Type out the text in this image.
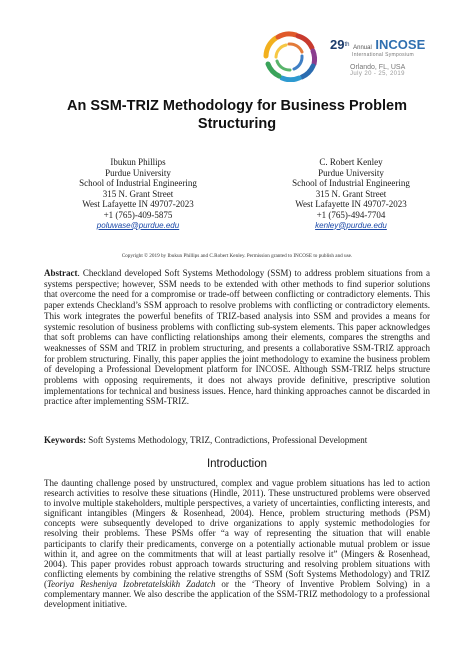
29th Annual INCOSE
International Symposium
Orlando, FL, USA
July 20 - 25, 2019
An SSM-TRIZ Methodology for Business Problem
Structuring
Ibukun Phillips
Purdue University
School of Industrial Engineering
315 N. Grant Street
West Lafayette IN 49707-2023
+1 (765)-409-5875
poluwase@purdue.edu
C. Robert Kenley
Purdue University
School of Industrial Engineering
315 N. Grant Street
West Lafayette IN 49707-2023
+1 (765)-494-7704
kenley@purdue.edu
Copyright © 2019 by Ibukun Phillips and C.Robert Kenley. Permission granted to INCOSE to publish and use.
Abstract. Checkland developed Soft Systems Methodology (SSM) to address problem situations from a systems perspective; however, SSM needs to be extended with other methods to find superior solutions that overcome the need for a compromise or trade-off between conflicting or contradictory elements. This paper extends Checkland’s SSM approach to resolve problems with conflicting or contradictory elements. This work integrates the powerful benefits of TRIZ-based analysis into SSM and provides a means for systemic resolution of business problems with conflicting sub-system elements. This paper acknowledges that soft problems can have conflicting relationships among their elements, compares the strengths and weaknesses of SSM and TRIZ in problem structuring, and presents a collaborative SSM-TRIZ approach for problem structuring. Finally, this paper applies the joint methodology to examine the business problem of developing a Professional Development platform for INCOSE. Although SSM-TRIZ helps structure problems with opposing requirements, it does not always provide definitive, prescriptive solution implementations for technical and business issues. Hence, hard thinking approaches cannot be discarded in practice after implementing SSM-TRIZ.
Keywords: Soft Systems Methodology, TRIZ, Contradictions, Professional Development
Introduction
The daunting challenge posed by unstructured, complex and vague problem situations has led to action research activities to resolve these situations (Hindle, 2011). These unstructured problems were observed to involve multiple stakeholders, multiple perspectives, a variety of uncertainties, conflicting interests, and significant intangibles (Mingers & Rosenhead, 2004). Hence, problem structuring methods (PSM) concepts were subsequently developed to drive organizations to apply systemic methodologies for resolving their problems. These PSMs offer “a way of representing the situation that will enable participants to clarify their predicaments, converge on a potentially actionable mutual problem or issue within it, and agree on the commitments that will at least partially resolve it” (Mingers & Rosenhead, 2004). This paper provides robust approach towards structuring and resolving problem situations with conflicting elements by combining the relative strengths of SSM (Soft Systems Methodology) and TRIZ (Teoriya Resheniya Izobretatelskikh Zadatch or the ‘Theory of Inventive Problem Solving) in a complementary manner. We also describe the application of the SSM-TRIZ methodology to a professional development initiative.
